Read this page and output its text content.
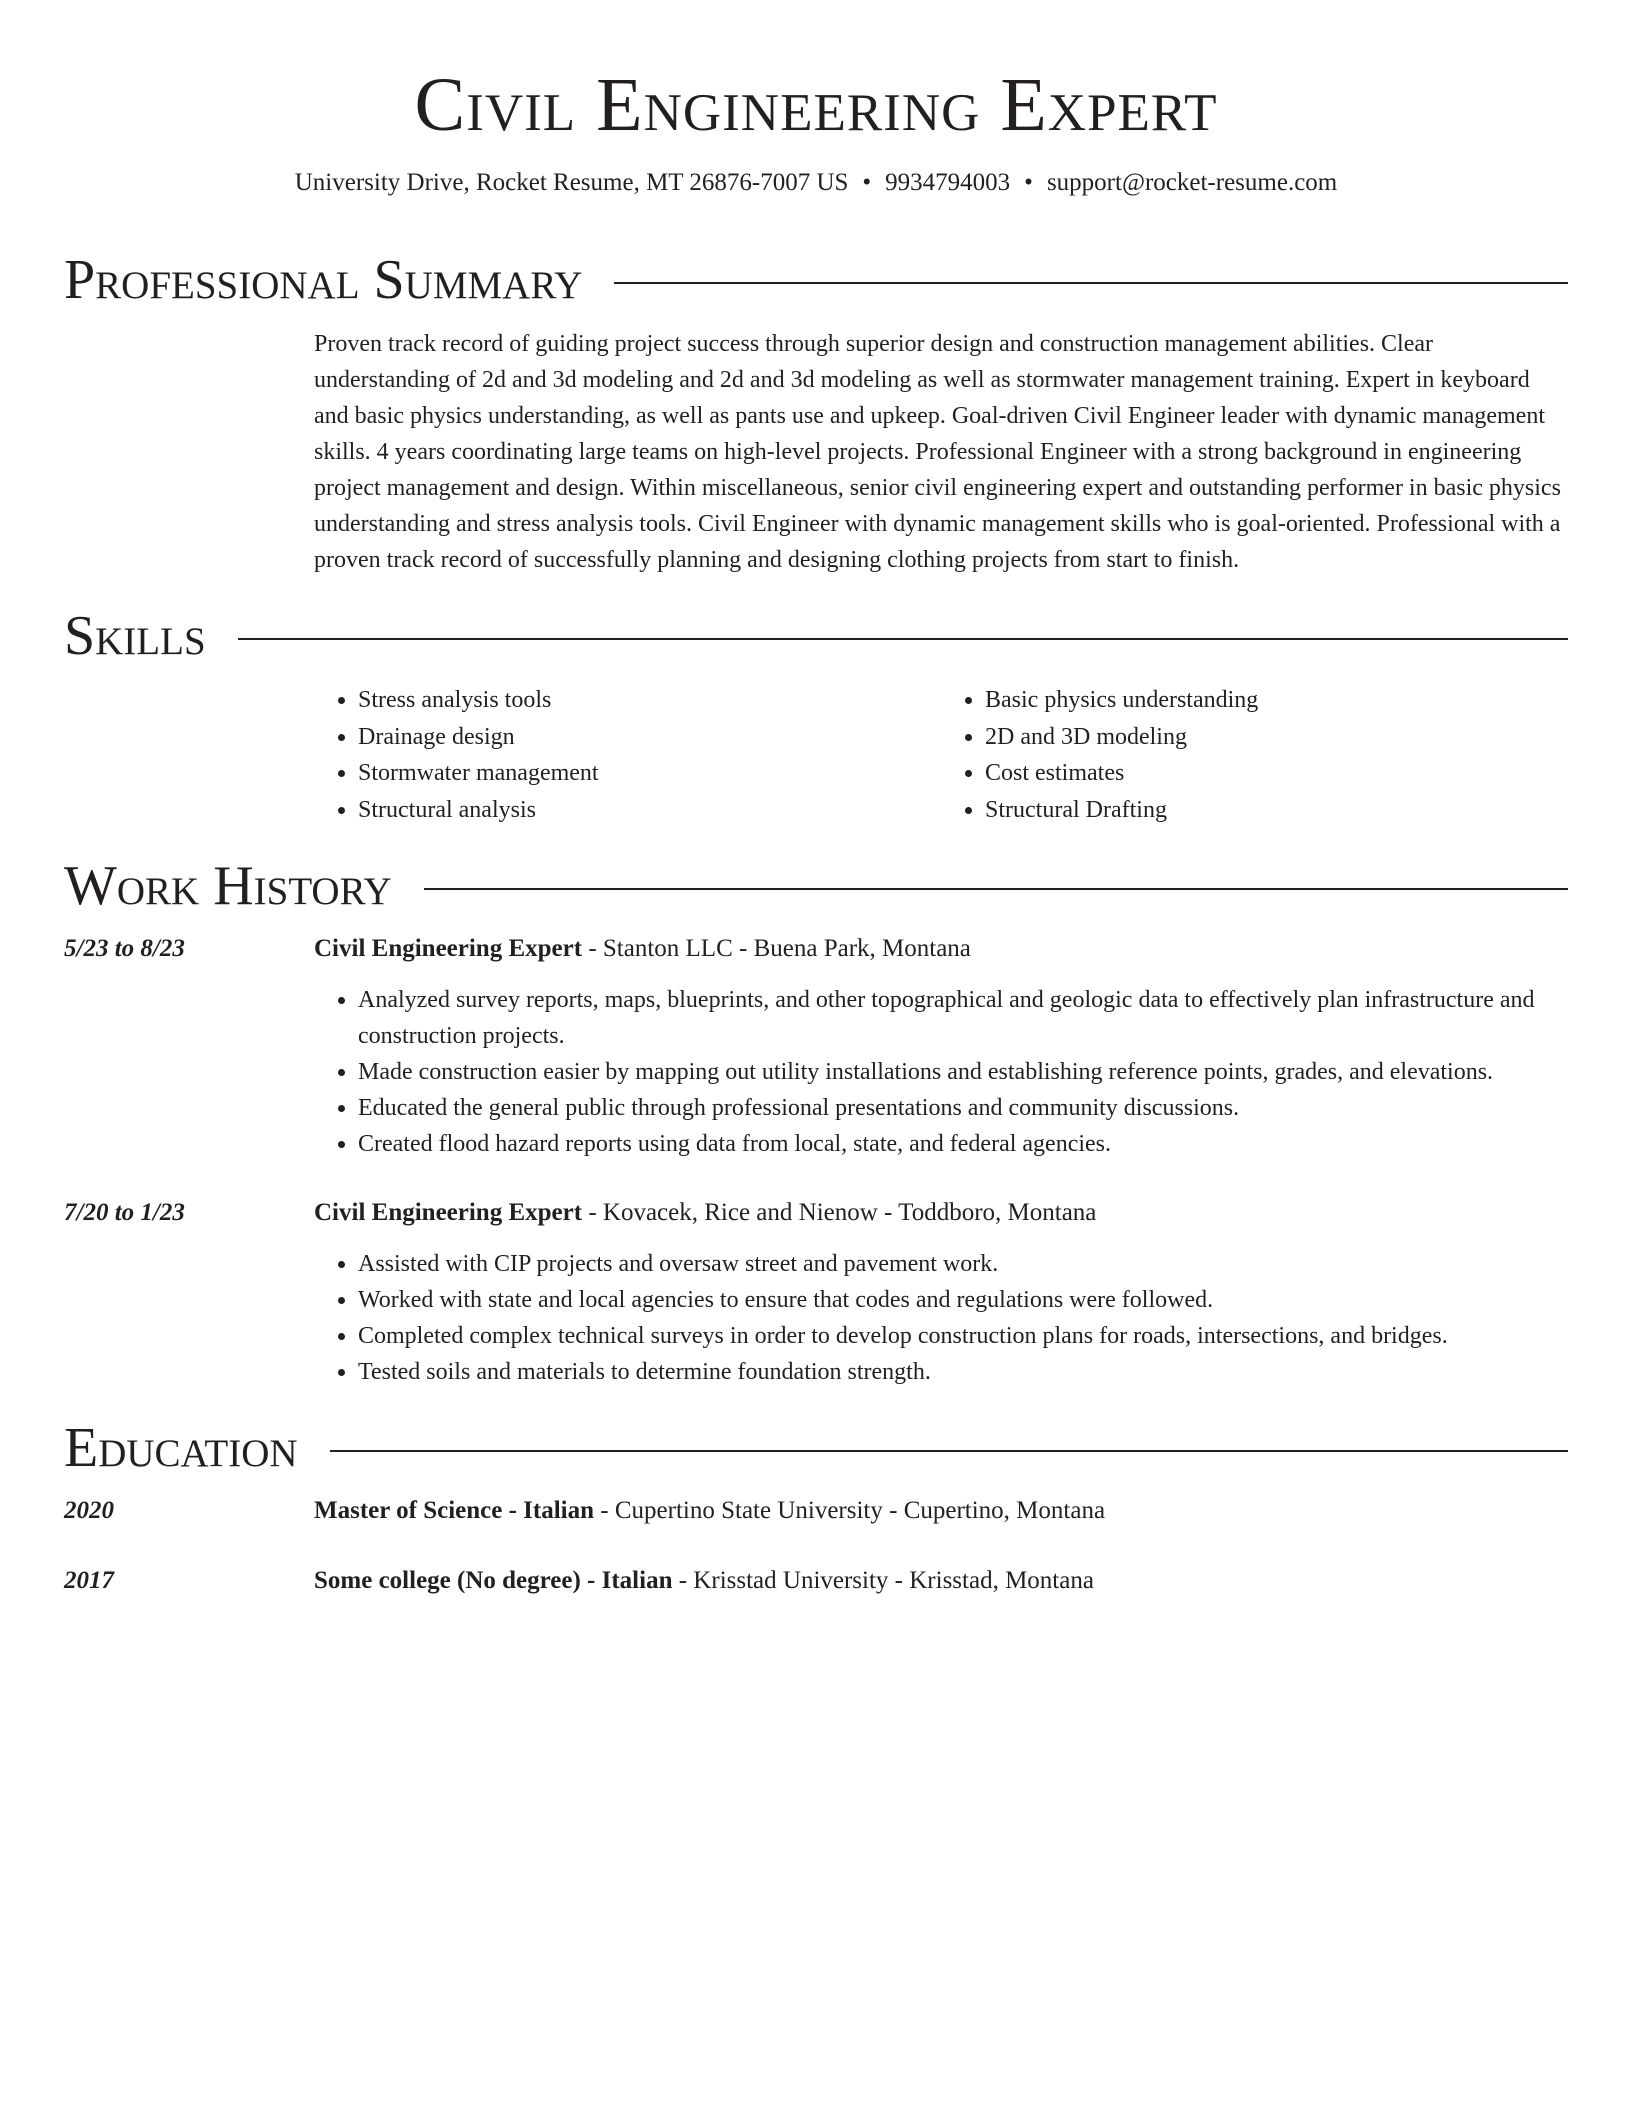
Civil Engineering Expert
University Drive, Rocket Resume, MT 26876-7007 US • 9934794003 • support@rocket-resume.com
Professional Summary

Proven track record of guiding project success through superior design and construction management abilities. Clear understanding of 2d and 3d modeling and 2d and 3d modeling as well as stormwater management training. Expert in keyboard and basic physics understanding, as well as pants use and upkeep. Goal-driven Civil Engineer leader with dynamic management skills. 4 years coordinating large teams on high-level projects. Professional Engineer with a strong background in engineering project management and design. Within miscellaneous, senior civil engineering expert and outstanding performer in basic physics understanding and stress analysis tools. Civil Engineer with dynamic management skills who is goal-oriented. Professional with a proven track record of successfully planning and designing clothing projects from start to finish.

Skills
• Stress analysis tools
• Drainage design
• Stormwater management
• Structural analysis
• Basic physics understanding
• 2D and 3D modeling
• Cost estimates
• Structural Drafting
Work History
5/23 to 8/23	Civil Engineering Expert - Stanton LLC - Buena Park, Montana
• Analyzed survey reports, maps, blueprints, and other topographical and geologic data to effectively plan infrastructure and construction projects.
• Made construction easier by mapping out utility installations and establishing reference points, grades, and elevations.
• Educated the general public through professional presentations and community discussions.
• Created flood hazard reports using data from local, state, and federal agencies.
7/20 to 1/23	Civil Engineering Expert - Kovacek, Rice and Nienow - Toddboro, Montana
• Assisted with CIP projects and oversaw street and pavement work.
• Worked with state and local agencies to ensure that codes and regulations were followed.
• Completed complex technical surveys in order to develop construction plans for roads, intersections, and bridges.
• Tested soils and materials to determine foundation strength.
Education
2020	Master of Science - Italian - Cupertino State University - Cupertino, Montana
2017	Some college (No degree) - Italian - Krisstad University - Krisstad, Montana
